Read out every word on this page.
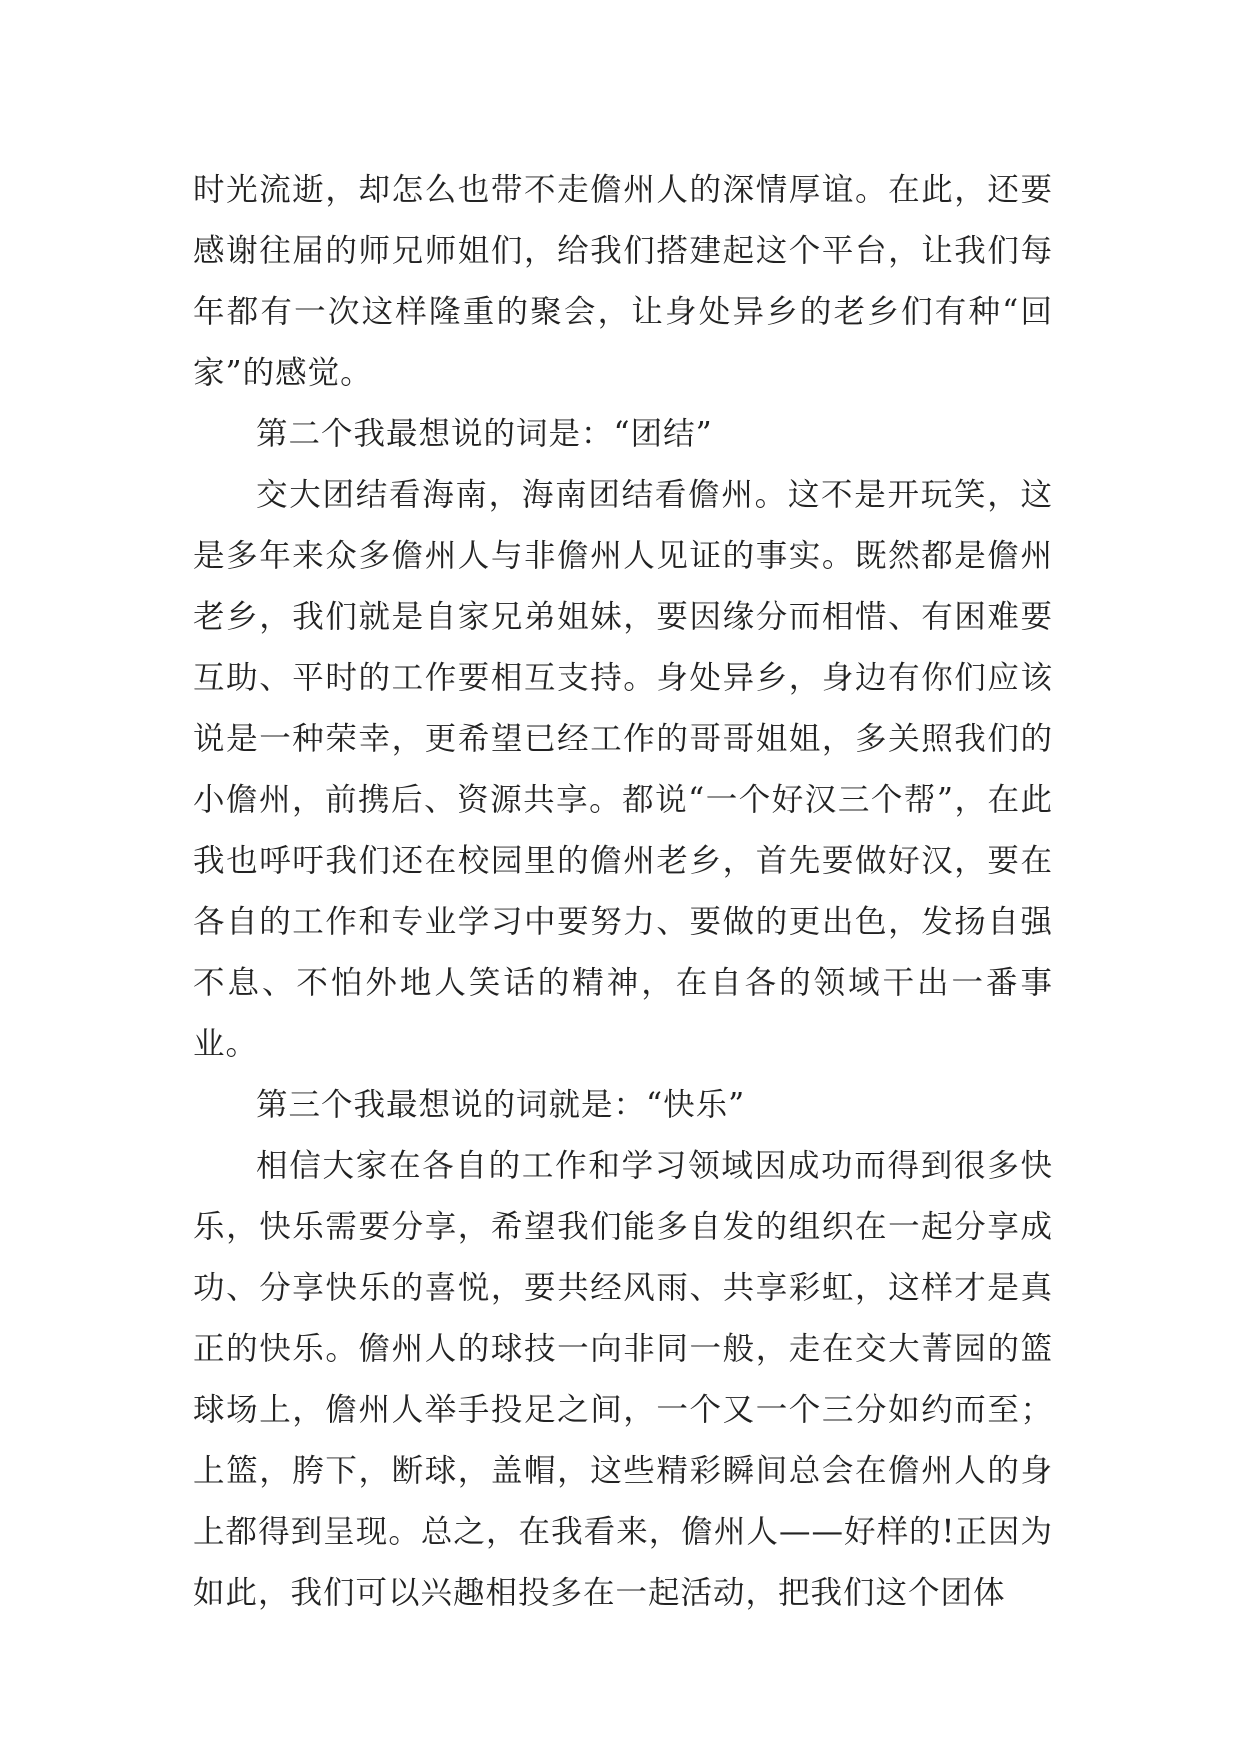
时光流逝，却怎么也带不走儋州人的深情厚谊。在此，还要感谢往届的师兄师姐们，给我们搭建起这个平台，让我们每年都有一次这样隆重的聚会，让身处异乡的老乡们有种“回家”的感觉。

第二个我最想说的词是：“团结”

交大团结看海南，海南团结看儋州。这不是开玩笑，这是多年来众多儋州人与非儋州人见证的事实。既然都是儋州老乡，我们就是自家兄弟姐妹，要因缘分而相惜、有困难要互助、平时的工作要相互支持。身处异乡，身边有你们应该说是一种荣幸，更希望已经工作的哥哥姐姐，多关照我们的小儋州，前携后、资源共享。都说“一个好汉三个帮”，在此我也呼吁我们还在校园里的儋州老乡，首先要做好汉，要在各自的工作和专业学习中要努力、要做的更出色，发扬自强不息、不怕外地人笑话的精神，在自各的领域干出一番事业。

第三个我最想说的词就是：“快乐”

相信大家在各自的工作和学习领域因成功而得到很多快乐，快乐需要分享，希望我们能多自发的组织在一起分享成功、分享快乐的喜悦，要共经风雨、共享彩虹，这样才是真正的快乐。儋州人的球技一向非同一般，走在交大菁园的篮球场上，儋州人举手投足之间，一个又一个三分如约而至；上篮，胯下，断球，盖帽，这些精彩瞬间总会在儋州人的身上都得到呈现。总之，在我看来，儋州人——好样的!正因为如此，我们可以兴趣相投多在一起活动，把我们这个团体
